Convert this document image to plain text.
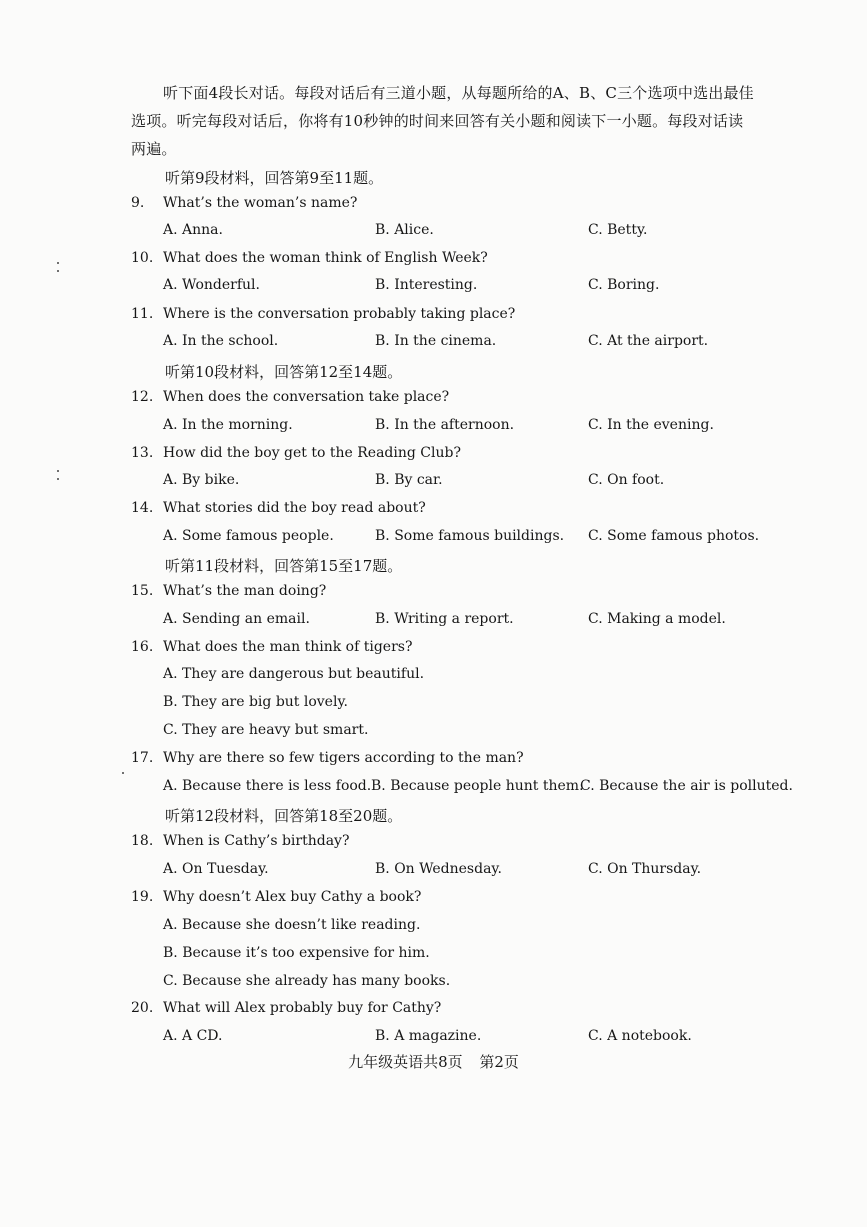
听下面4段长对话。每段对话后有三道小题，从每题所给的A、B、C三个选项中选出最佳
选项。听完每段对话后，你将有10秒钟的时间来回答有关小题和阅读下一小题。每段对话读
两遍。
听第9段材料，回答第9至11题。
9. What’s the woman’s name?
A. Anna.	B. Alice.	C. Betty.
10. What does the woman think of English Week?
A. Wonderful.	B. Interesting.	C. Boring.
11. Where is the conversation probably taking place?
A. In the school.	B. In the cinema.	C. At the airport.
听第10段材料，回答第12至14题。
12. When does the conversation take place?
A. In the morning.	B. In the afternoon.	C. In the evening.
13. How did the boy get to the Reading Club?
A. By bike.	B. By car.	C. On foot.
14. What stories did the boy read about?
A. Some famous people.	B. Some famous buildings. C. Some famous photos.
听第11段材料，回答第15至17题。
15. What’s the man doing?
A. Sending an email.	B. Writing a report.	C. Making a model.
16. What does the man think of tigers?
A. They are dangerous but beautiful.
B. They are big but lovely.
C. They are heavy but smart.
17. Why are there so few tigers according to the man?
A. Because there is less food. B. Because people hunt them.
C. Because the air is polluted.
听第12段材料，回答第18至20题。
18. When is Cathy’s birthday?
A. On Tuesday.	B. On Wednesday.	C. On Thursday.
19. Why doesn’t Alex buy Cathy a book?
A. Because she doesn’t like reading.
B. Because it’s too expensive for him.
C. Because she already has many books.
20. What will Alex probably buy for Cathy?
A. A CD.	B. A magazine.	C. A notebook.
九年级英语共8页 第2页
